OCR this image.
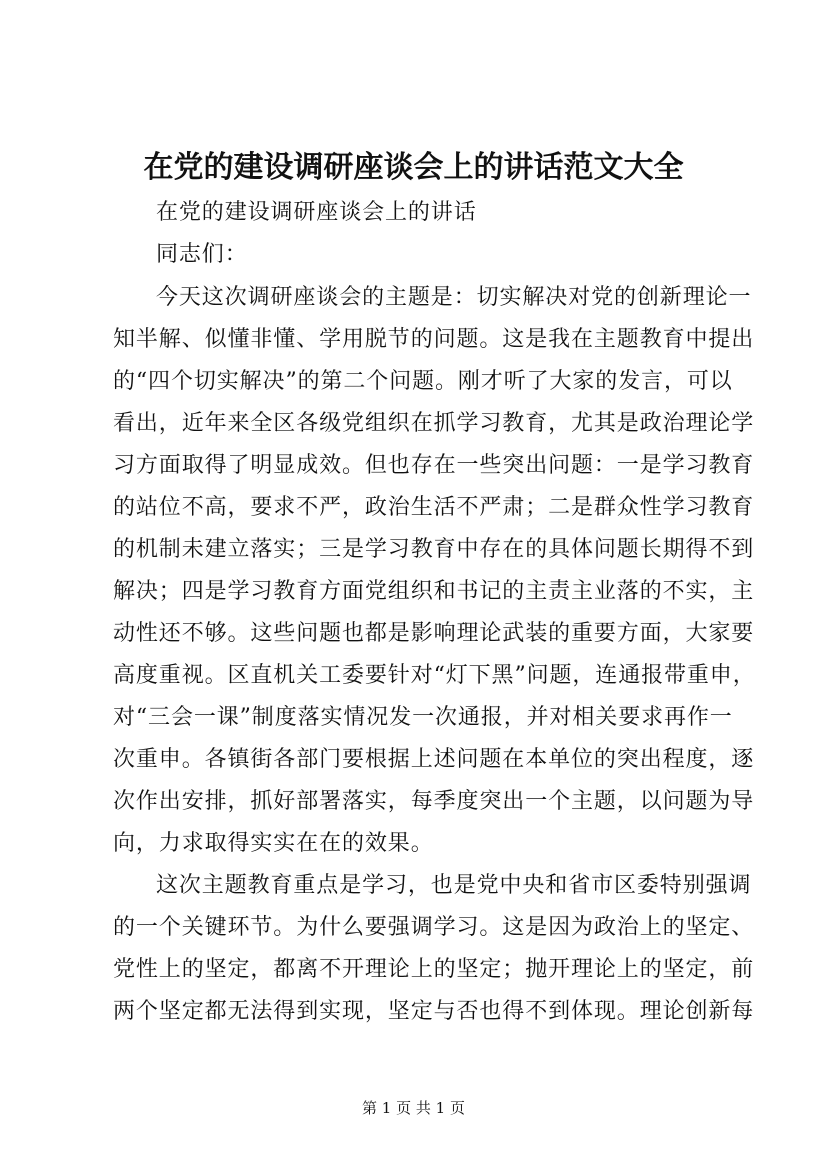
在党的建设调研座谈会上的讲话范文大全
在党的建设调研座谈会上的讲话
同志们：
今天这次调研座谈会的主题是：切实解决对党的创新理论一
知半解、似懂非懂、学用脱节的问题。这是我在主题教育中提出
的“四个切实解决”的第二个问题。刚才听了大家的发言，可以
看出，近年来全区各级党组织在抓学习教育，尤其是政治理论学
习方面取得了明显成效。但也存在一些突出问题：一是学习教育
的站位不高，要求不严，政治生活不严肃；二是群众性学习教育
的机制未建立落实；三是学习教育中存在的具体问题长期得不到
解决；四是学习教育方面党组织和书记的主责主业落的不实，主
动性还不够。这些问题也都是影响理论武装的重要方面，大家要
高度重视。区直机关工委要针对“灯下黑”问题，连通报带重申，
对“三会一课”制度落实情况发一次通报，并对相关要求再作一
次重申。各镇街各部门要根据上述问题在本单位的突出程度，逐
次作出安排，抓好部署落实，每季度突出一个主题，以问题为导
向，力求取得实实在在的效果。
这次主题教育重点是学习，也是党中央和省市区委特别强调
的一个关键环节。为什么要强调学习。这是因为政治上的坚定、
党性上的坚定，都离不开理论上的坚定；抛开理论上的坚定，前
两个坚定都无法得到实现，坚定与否也得不到体现。理论创新每
第 1 页 共 1 页
